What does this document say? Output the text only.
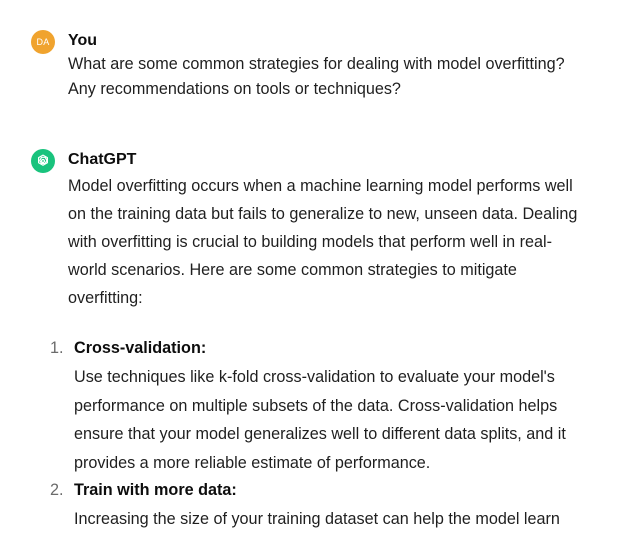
DA You
What are some common strategies for dealing with model overfitting?
Any recommendations on tools or techniques?
ChatGPT
Model overfitting occurs when a machine learning model performs well
on the training data but fails to generalize to new, unseen data. Dealing
with overfitting is crucial to building models that perform well in real-
world scenarios. Here are some common strategies to mitigate
overfitting:
1. Cross-validation:
Use techniques like k-fold cross-validation to evaluate your model's
performance on multiple subsets of the data. Cross-validation helps
ensure that your model generalizes well to different data splits, and it
provides a more reliable estimate of performance.
2. Train with more data:
Increasing the size of your training dataset can help the model learn
